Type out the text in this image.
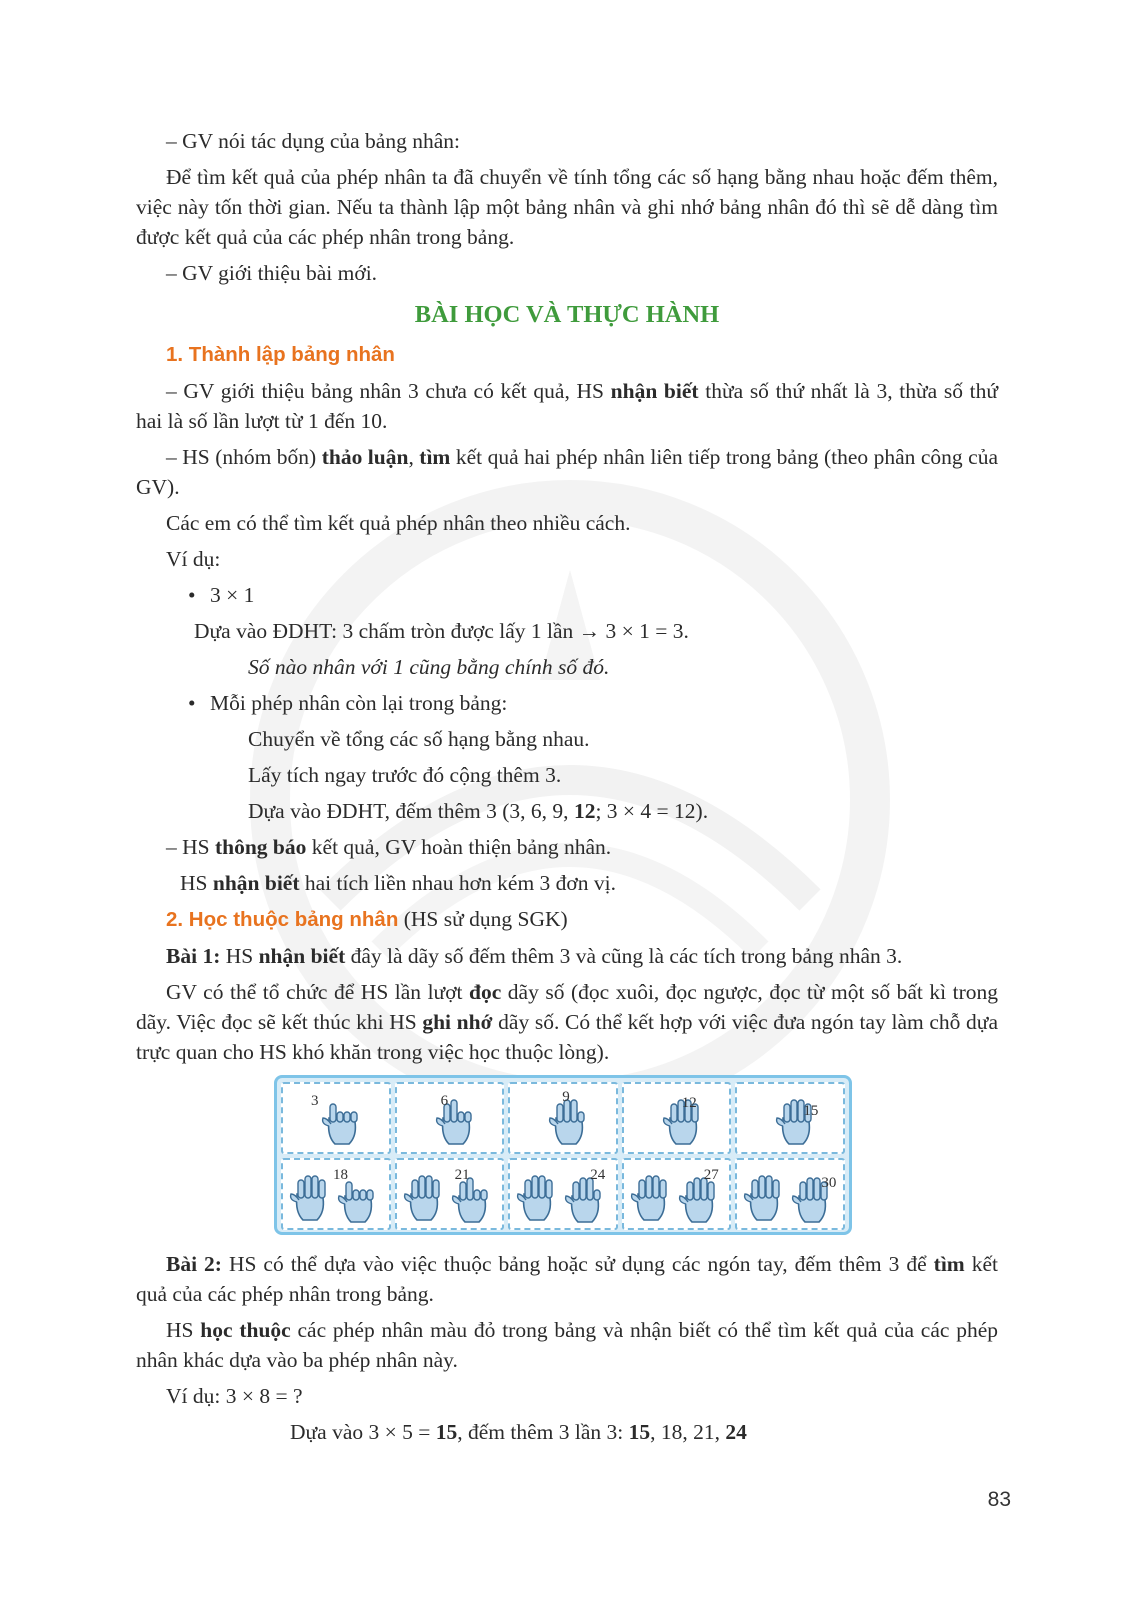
– GV nói tác dụng của bảng nhân:

Để tìm kết quả của phép nhân ta đã chuyển về tính tổng các số hạng bằng nhau hoặc đếm thêm, việc này tốn thời gian. Nếu ta thành lập một bảng nhân và ghi nhớ bảng nhân đó thì sẽ dễ dàng tìm được kết quả của các phép nhân trong bảng.

– GV giới thiệu bài mới.

BÀI HỌC VÀ THỰC HÀNH
1. Thành lập bảng nhân

– GV giới thiệu bảng nhân 3 chưa có kết quả, HS nhận biết thừa số thứ nhất là 3, thừa số thứ hai là số lần lượt từ 1 đến 10.

– HS (nhóm bốn) thảo luận, tìm kết quả hai phép nhân liên tiếp trong bảng (theo phân công của GV).

Các em có thể tìm kết quả phép nhân theo nhiều cách.

Ví dụ:

• 3 × 1

Dựa vào ĐDHT: 3 chấm tròn được lấy 1 lần → 3 × 1 = 3.

Số nào nhân với 1 cũng bằng chính số đó.

• Mỗi phép nhân còn lại trong bảng:

Chuyển về tổng các số hạng bằng nhau.

Lấy tích ngay trước đó cộng thêm 3.

Dựa vào ĐDHT, đếm thêm 3 (3, 6, 9, 12; 3 × 4 = 12).

– HS thông báo kết quả, GV hoàn thiện bảng nhân.

HS nhận biết hai tích liền nhau hơn kém 3 đơn vị.

2. Học thuộc bảng nhân (HS sử dụng SGK)

Bài 1: HS nhận biết đây là dãy số đếm thêm 3 và cũng là các tích trong bảng nhân 3.

GV có thể tổ chức để HS lần lượt đọc dãy số (đọc xuôi, đọc ngược, đọc từ một số bất kì trong dãy. Việc đọc sẽ kết thúc khi HS ghi nhớ dãy số. Có thể kết hợp với việc đưa ngón tay làm chỗ dựa trực quan cho HS khó khăn trong việc học thuộc lòng).

3	6	9	12	15
18	21	24	27	30

Bài 2: HS có thể dựa vào việc thuộc bảng hoặc sử dụng các ngón tay, đếm thêm 3 để tìm kết quả của các phép nhân trong bảng.

HS học thuộc các phép nhân màu đỏ trong bảng và nhận biết có thể tìm kết quả của các phép nhân khác dựa vào ba phép nhân này.

Ví dụ: 3 × 8 = ?

Dựa vào 3 × 5 = 15, đếm thêm 3 lần 3: 15, 18, 21, 24

83
